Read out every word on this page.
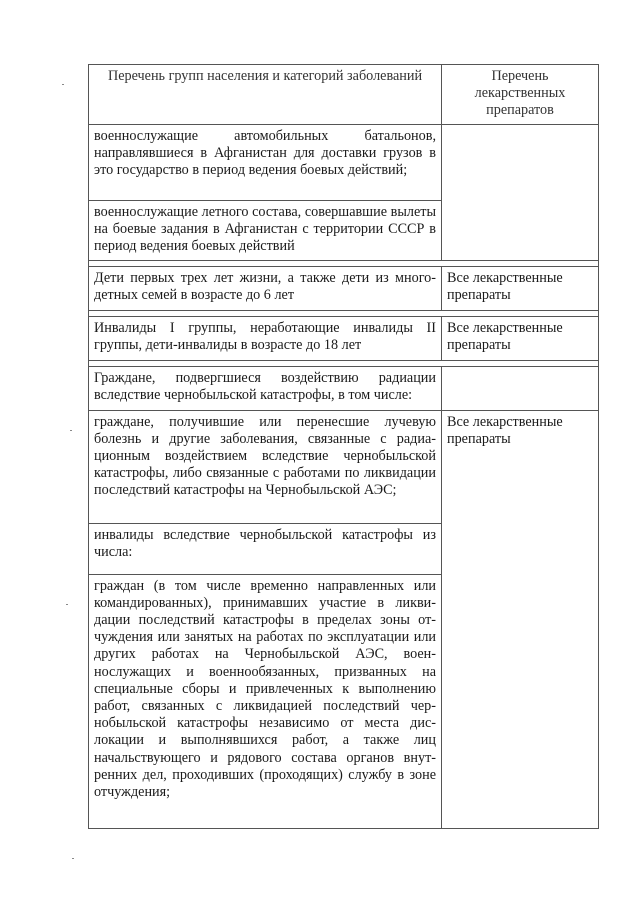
Перечень групп населения и категорий заболеваний	Перечень лекарственных препаратов
военнослужащие автомобильных батальонов, направлявшиеся в Афганистан для доставки грузов в это государство в период ведения боевых действий;	
военнослужащие летного состава, совершавшие вылеты на боевые задания в Афганистан с территории СССР в период ведения боевых действий	

Дети первых трех лет жизни, а также дети из многодетных семей в возрасте до 6 лет	Все лекарственные препараты

Инвалиды I группы, неработающие инвалиды II группы, дети-инвалиды в возрасте до 18 лет	Все лекарственные препараты

Граждане, подвергшиеся воздействию радиации вследствие чернобыльской катастрофы, в том числе:	
граждане, получившие или перенесшие лучевую болезнь и другие заболевания, связанные с радиационным воздействием вследствие чернобыльской катастрофы, либо связанные с работами по ликвидации последствий катастрофы на Чернобыльской АЭС;	Все лекарственные препараты
инвалиды вследствие чернобыльской катастрофы из числа:	
граждан (в том числе временно направленных или командированных), принимавших участие в ликвидации последствий катастрофы в пределах зоны отчуждения или занятых на работах по эксплуатации или других работах на Чернобыльской АЭС, военнослужащих и военнообязанных, призванных на специальные сборы и привлеченных к выполнению работ, связанных с ликвидацией последствий чернобыльской катастрофы независимо от места дислокации и выполнявшихся работ, а также лиц начальствующего и рядового состава органов внутренних дел, проходивших (проходящих) службу в зоне отчуждения;	
